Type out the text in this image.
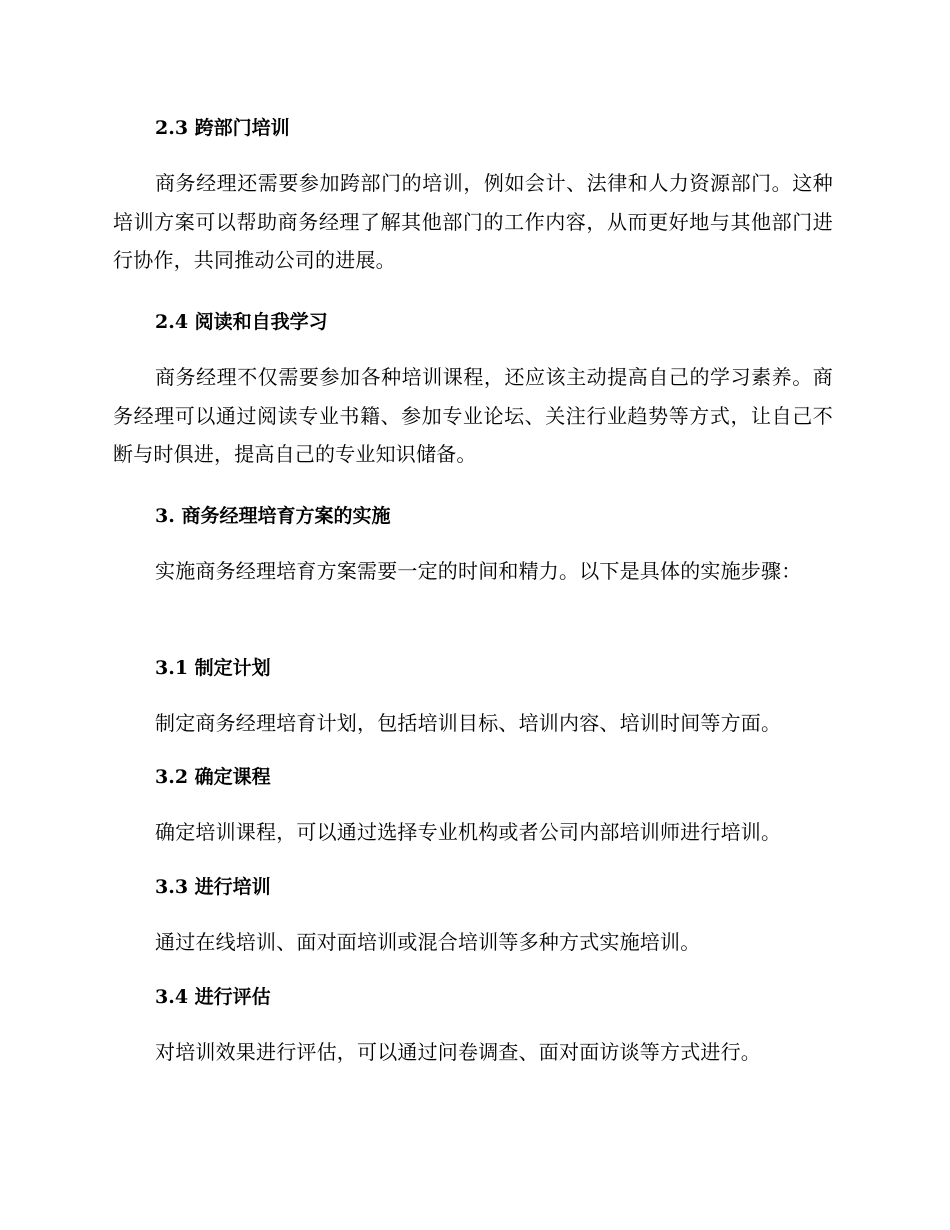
2.3 跨部门培训

商务经理还需要参加跨部门的培训，例如会计、法律和人力资源部门。这种培训方案可以帮助商务经理了解其他部门的工作内容，从而更好地与其他部门进行协作，共同推动公司的进展。

2.4 阅读和自我学习

商务经理不仅需要参加各种培训课程，还应该主动提高自己的学习素养。商务经理可以通过阅读专业书籍、参加专业论坛、关注行业趋势等方式，让自己不断与时俱进，提高自己的专业知识储备。

3. 商务经理培育方案的实施

实施商务经理培育方案需要一定的时间和精力。以下是具体的实施步骤：

3.1 制定计划

制定商务经理培育计划，包括培训目标、培训内容、培训时间等方面。

3.2 确定课程

确定培训课程，可以通过选择专业机构或者公司内部培训师进行培训。

3.3 进行培训

通过在线培训、面对面培训或混合培训等多种方式实施培训。

3.4 进行评估

对培训效果进行评估，可以通过问卷调查、面对面访谈等方式进行。
